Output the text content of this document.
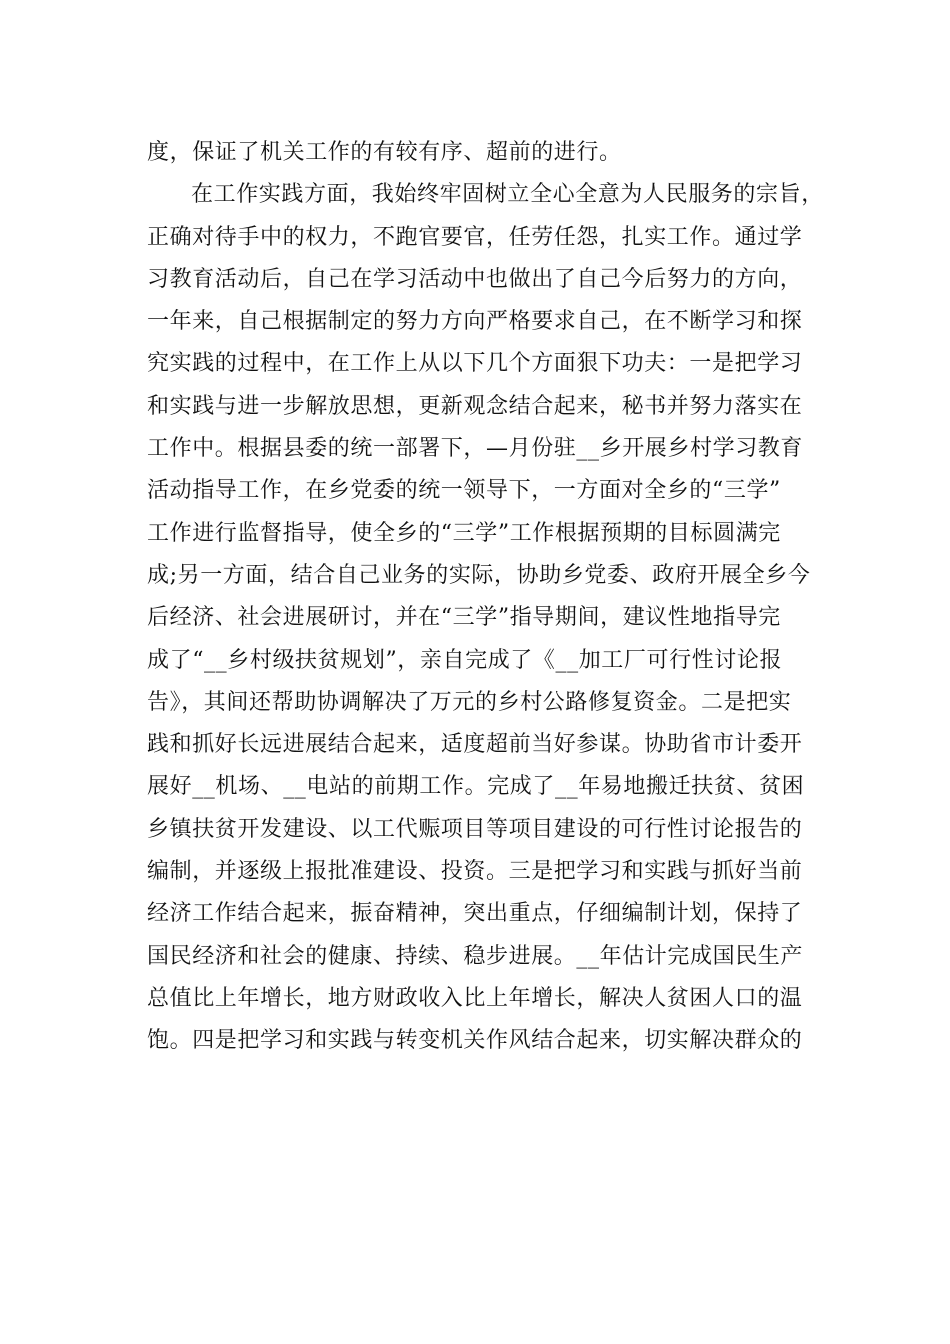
度，保证了机关工作的有较有序、超前的进行。
在工作实践方面，我始终牢固树立全心全意为人民服务的宗旨，
正确对待手中的权力，不跑官要官，任劳任怨，扎实工作。通过学
习教育活动后，自己在学习活动中也做出了自己今后努力的方向，
一年来，自己根据制定的努力方向严格要求自己，在不断学习和探
究实践的过程中，在工作上从以下几个方面狠下功夫：一是把学习
和实践与进一步解放思想，更新观念结合起来，秘书并努力落实在
工作中。根据县委的统一部署下，—月份驻__乡开展乡村学习教育
活动指导工作，在乡党委的统一领导下，一方面对全乡的“三学”
工作进行监督指导，使全乡的“三学”工作根据预期的目标圆满完
成;另一方面，结合自己业务的实际，协助乡党委、政府开展全乡今
后经济、社会进展研讨，并在“三学”指导期间，建议性地指导完
成了“__乡村级扶贫规划”，亲自完成了《__加工厂可行性讨论报
告》，其间还帮助协调解决了万元的乡村公路修复资金。二是把实
践和抓好长远进展结合起来，适度超前当好参谋。协助省市计委开
展好__机场、__电站的前期工作。完成了__年易地搬迁扶贫、贫困
乡镇扶贫开发建设、以工代赈项目等项目建设的可行性讨论报告的
编制，并逐级上报批准建设、投资。三是把学习和实践与抓好当前
经济工作结合起来，振奋精神，突出重点，仔细编制计划，保持了
国民经济和社会的健康、持续、稳步进展。__年估计完成国民生产
总值比上年增长，地方财政收入比上年增长，解决人贫困人口的温
饱。四是把学习和实践与转变机关作风结合起来，切实解决群众的
